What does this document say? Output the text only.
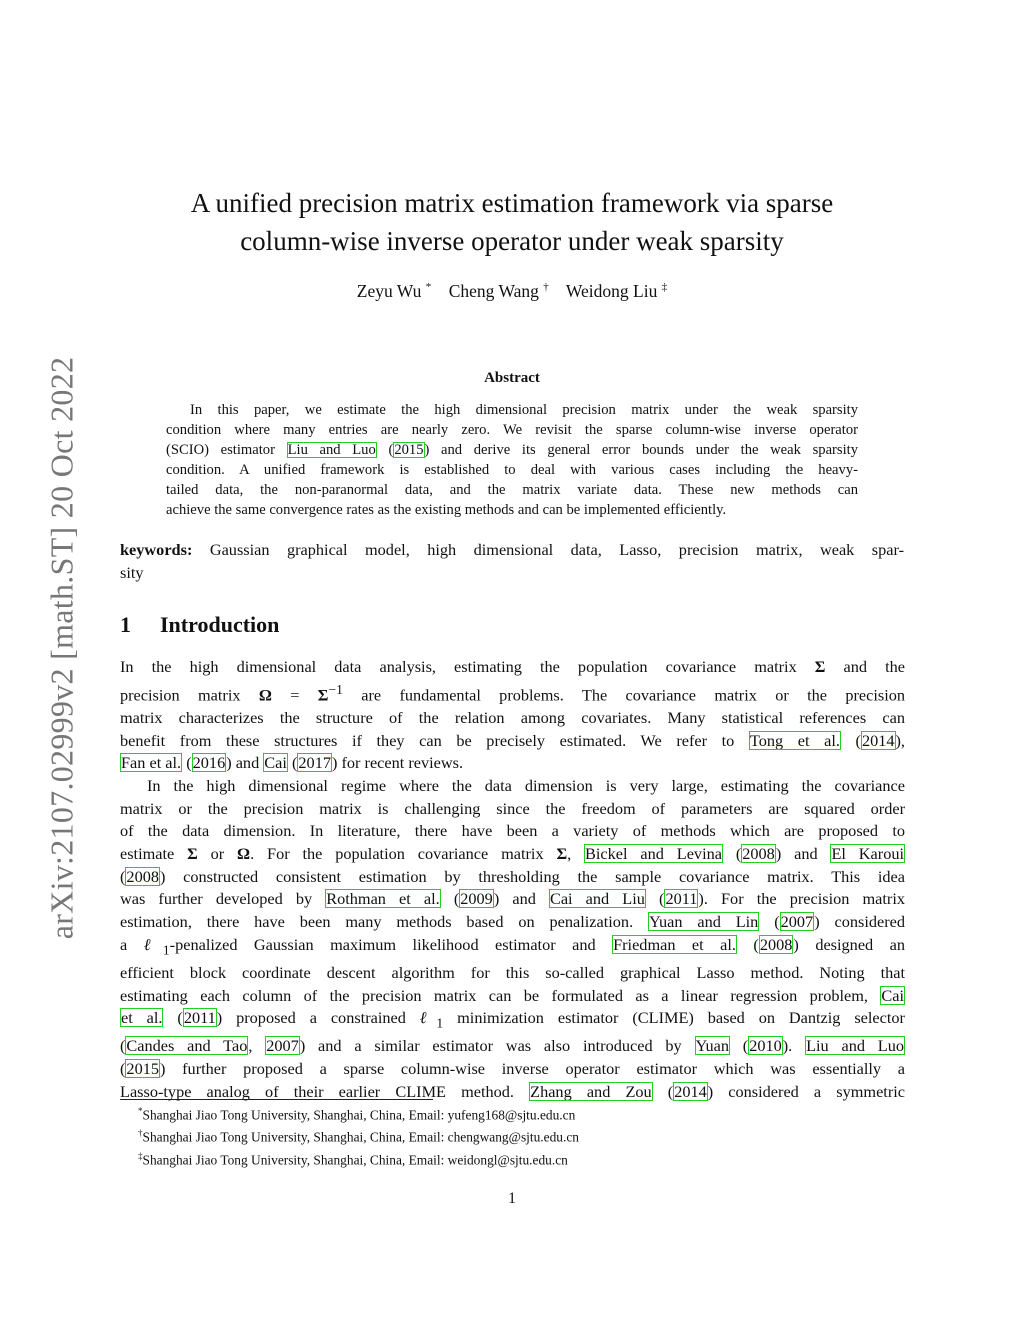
arXiv:2107.02999v2 [math.ST] 20 Oct 2022
A unified precision matrix estimation framework via sparse
column-wise inverse operator under weak sparsity
Zeyu Wu * Cheng Wang † Weidong Liu ‡
Abstract
In this paper, we estimate the high dimensional precision matrix under the weak sparsity
condition where many entries are nearly zero. We revisit the sparse column-wise inverse operator
(SCIO) estimator Liu and Luo (2015) and derive its general error bounds under the weak sparsity
condition. A unified framework is established to deal with various cases including the heavy-
tailed data, the non-paranormal data, and the matrix variate data. These new methods can
achieve the same convergence rates as the existing methods and can be implemented efficiently.
keywords: Gaussian graphical model, high dimensional data, Lasso, precision matrix, weak spar-
sity
1 Introduction
In the high dimensional data analysis, estimating the population covariance matrix Σ and the
precision matrix $\Omega = \Sigma^{-1}$ are fundamental problems. The covariance matrix or the precision
matrix characterizes the structure of the relation among covariates. Many statistical references can
benefit from these structures if they can be precisely estimated. We refer to Tong et al. (2014),
Fan et al. (2016) and Cai (2017) for recent reviews.
In the high dimensional regime where the data dimension is very large, estimating the covariance
matrix or the precision matrix is challenging since the freedom of parameters are squared order
of the data dimension. In literature, there have been a variety of methods which are proposed to
estimate Σ or Ω. For the population covariance matrix Σ, Bickel and Levina (2008) and El Karoui
(2008) constructed consistent estimation by thresholding the sample covariance matrix. This idea
was further developed by Rothman et al. (2009) and Cai and Liu (2011). For the precision matrix
estimation, there have been many methods based on penalization. Yuan and Lin (2007) considered
a ℓ$_1$-penalized Gaussian maximum likelihood estimator and Friedman et al. (2008) designed an
efficient block coordinate descent algorithm for this so-called graphical Lasso method. Noting that
estimating each column of the precision matrix can be formulated as a linear regression problem, Cai
et al. (2011) proposed a constrained ℓ$_1$ minimization estimator (CLIME) based on Dantzig selector
(Candes and Tao, 2007) and a similar estimator was also introduced by Yuan (2010). Liu and Luo
(2015) further proposed a sparse column-wise inverse operator estimator which was essentially a
Lasso-type analog of their earlier CLIME method. Zhang and Zou (2014) considered a symmetric
*Shanghai Jiao Tong University, Shanghai, China, Email: yufeng168@sjtu.edu.cn
†Shanghai Jiao Tong University, Shanghai, China, Email: chengwang@sjtu.edu.cn
‡Shanghai Jiao Tong University, Shanghai, China, Email: weidongl@sjtu.edu.cn
1
